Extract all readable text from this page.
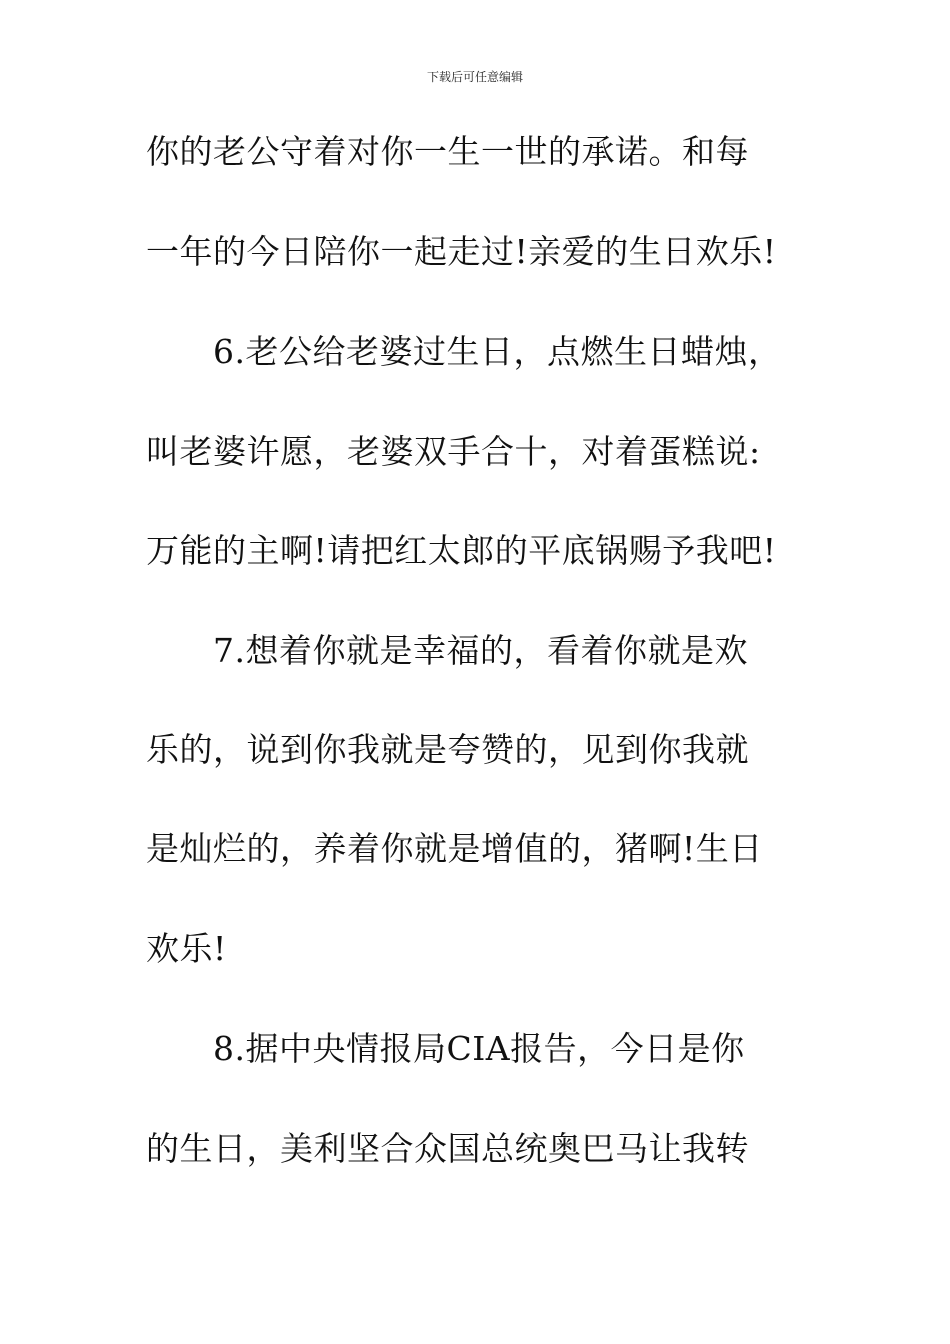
下载后可任意编辑
你的老公守着对你一生一世的承诺。和每
一年的今日陪你一起走过!亲爱的生日欢乐!
6.老公给老婆过生日，点燃生日蜡烛，
叫老婆许愿，老婆双手合十，对着蛋糕说:
万能的主啊!请把红太郎的平底锅赐予我吧!
7.想着你就是幸福的，看着你就是欢
乐的，说到你我就是夸赞的，见到你我就
是灿烂的，养着你就是增值的，猪啊!生日
欢乐!
8.据中央情报局CIA报告，今日是你
的生日，美利坚合众国总统奥巴马让我转
